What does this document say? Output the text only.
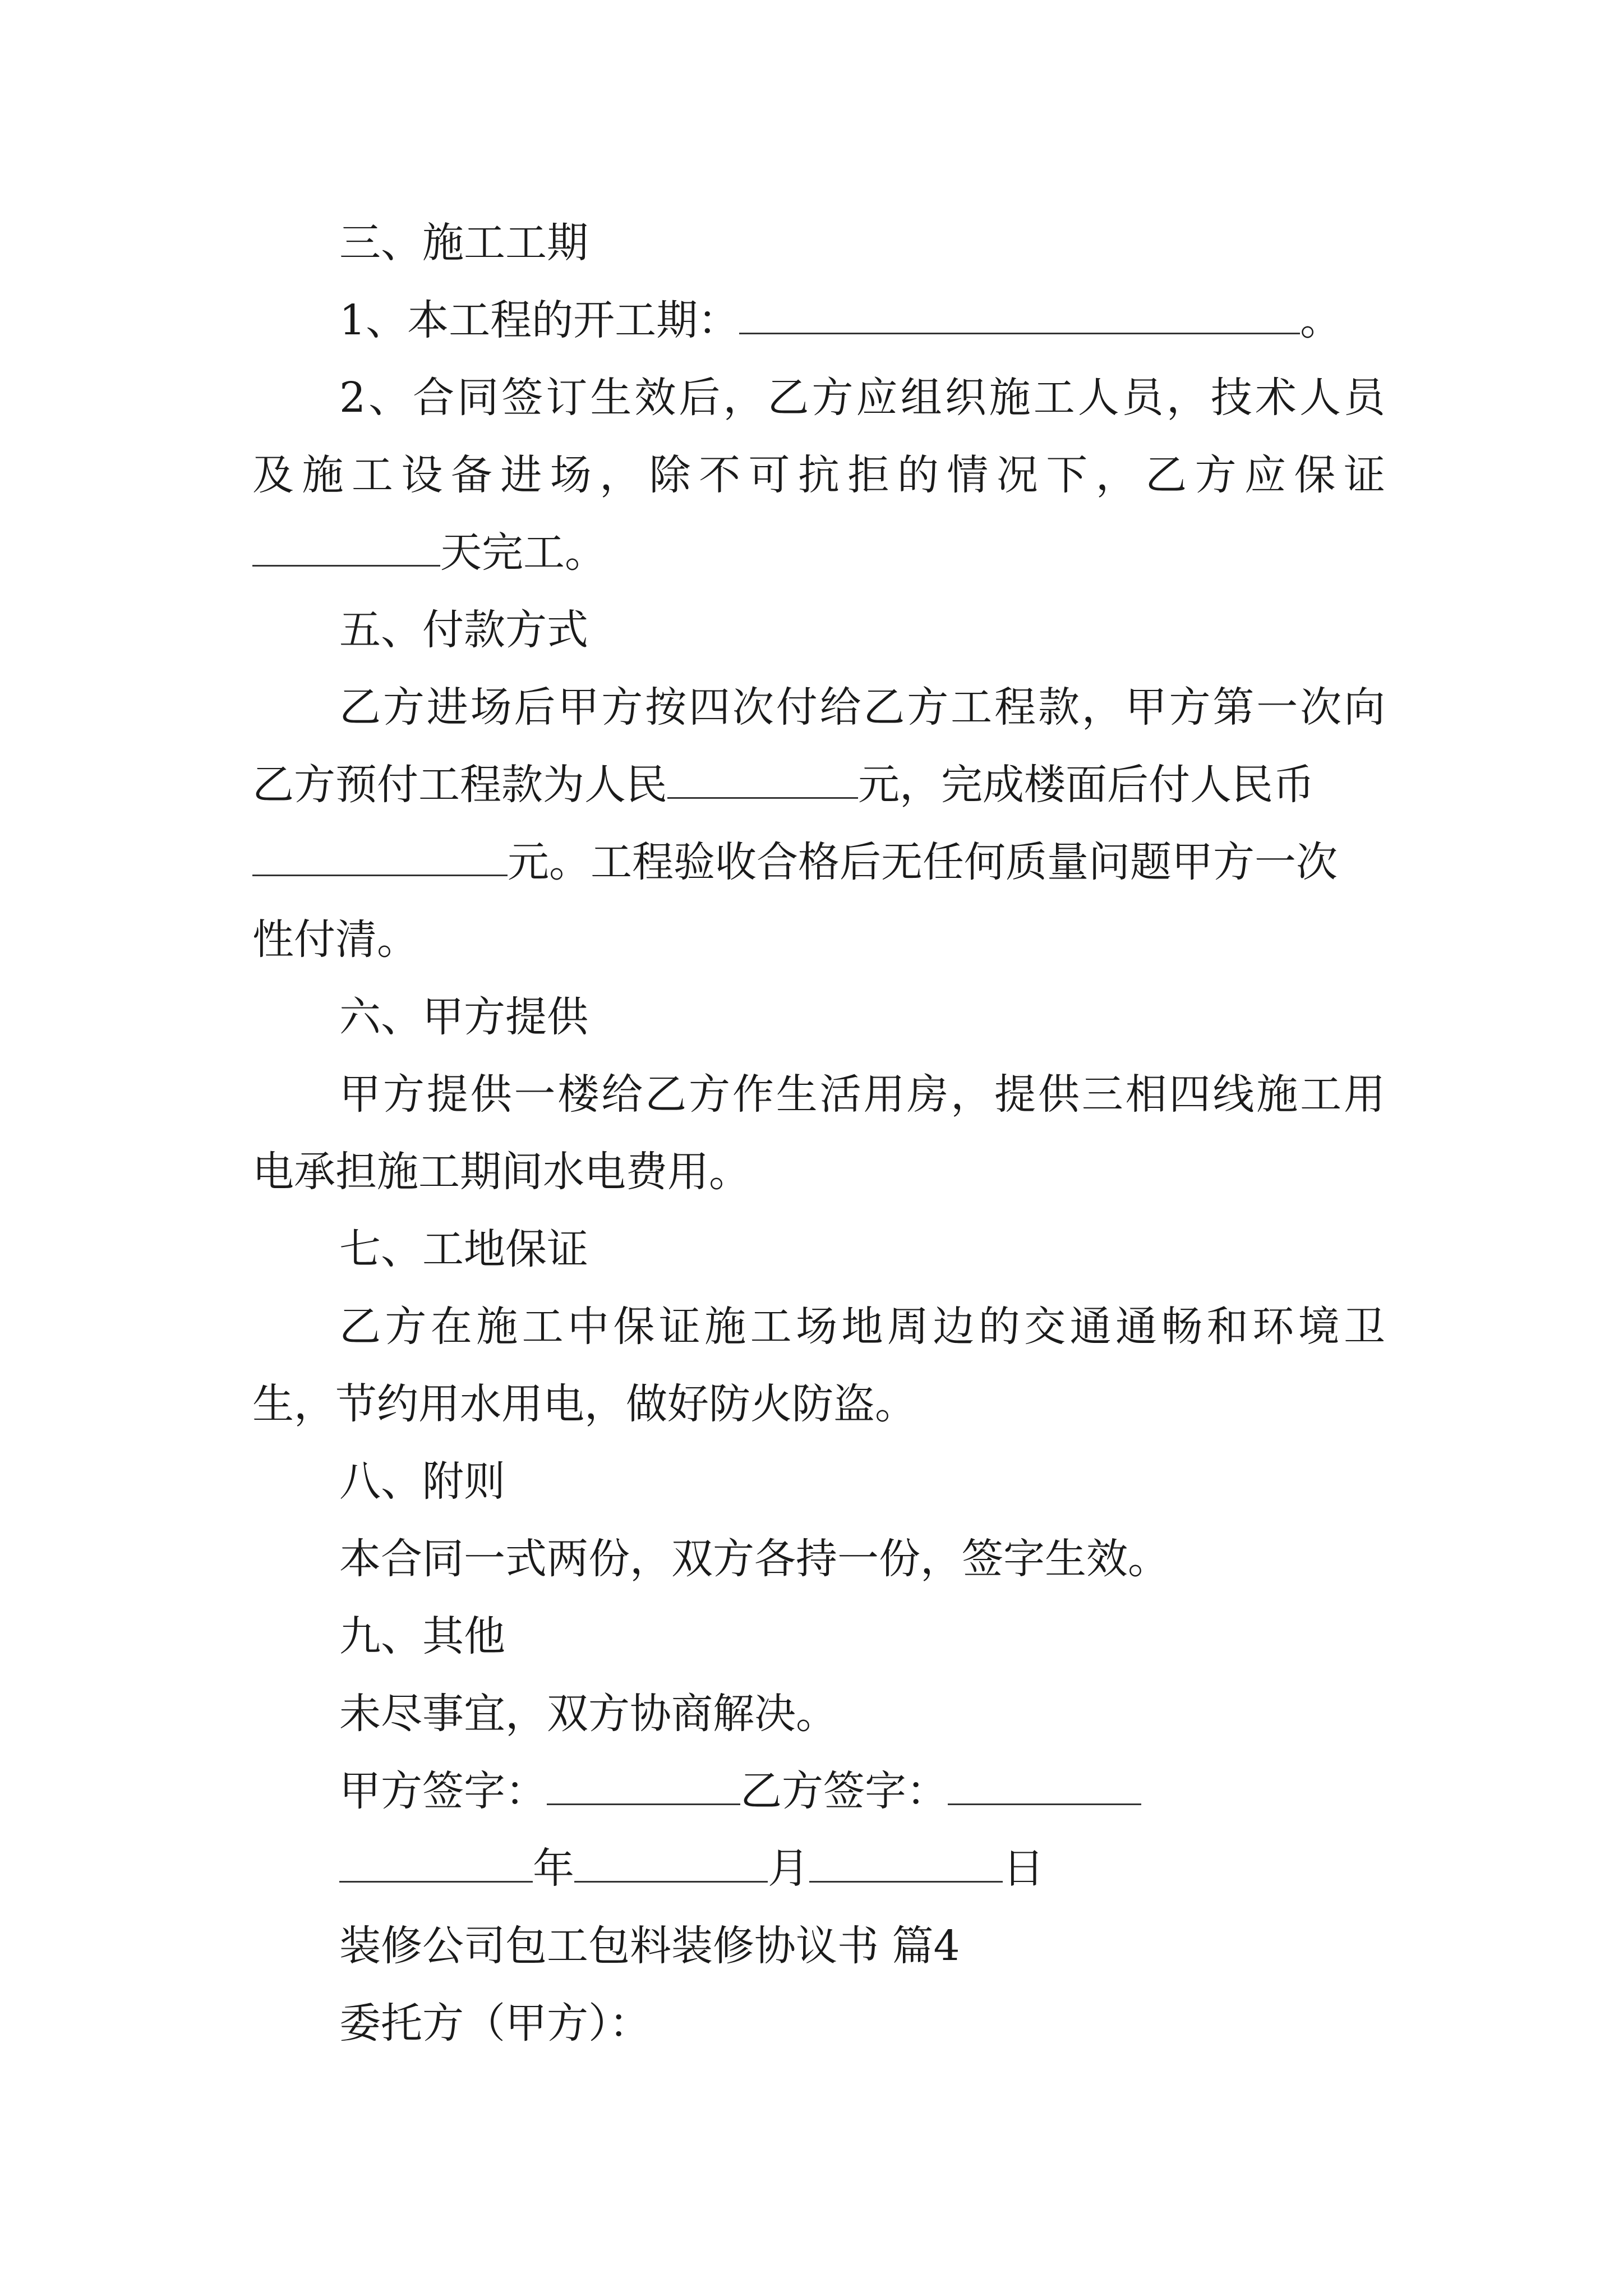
三、施工工期
1、本工程的开工期：	。
2、合同签订生效后，乙方应组织施工人员，技术人员
及施工设备进场，除不可抗拒的情况下，乙方应保证
天完工。
五、付款方式
乙方进场后甲方按四次付给乙方工程款，甲方第一次向
乙方预付工程款为人民	元，完成楼面后付人民币
元。工程验收合格后无任何质量问题甲方一次
性付清。
六、甲方提供
甲方提供一楼给乙方作生活用房，提供三相四线施工用
电承担施工期间水电费用。
七、工地保证
乙方在施工中保证施工场地周边的交通通畅和环境卫
生，节约用水用电，做好防火防盗。
八、附则
本合同一式两份，双方各持一份，签字生效。
九、其他
未尽事宜，双方协商解决。
甲方签字：	乙方签字：
年	月	日
装修公司包工包料装修协议书 篇4
委托方（甲方）：
